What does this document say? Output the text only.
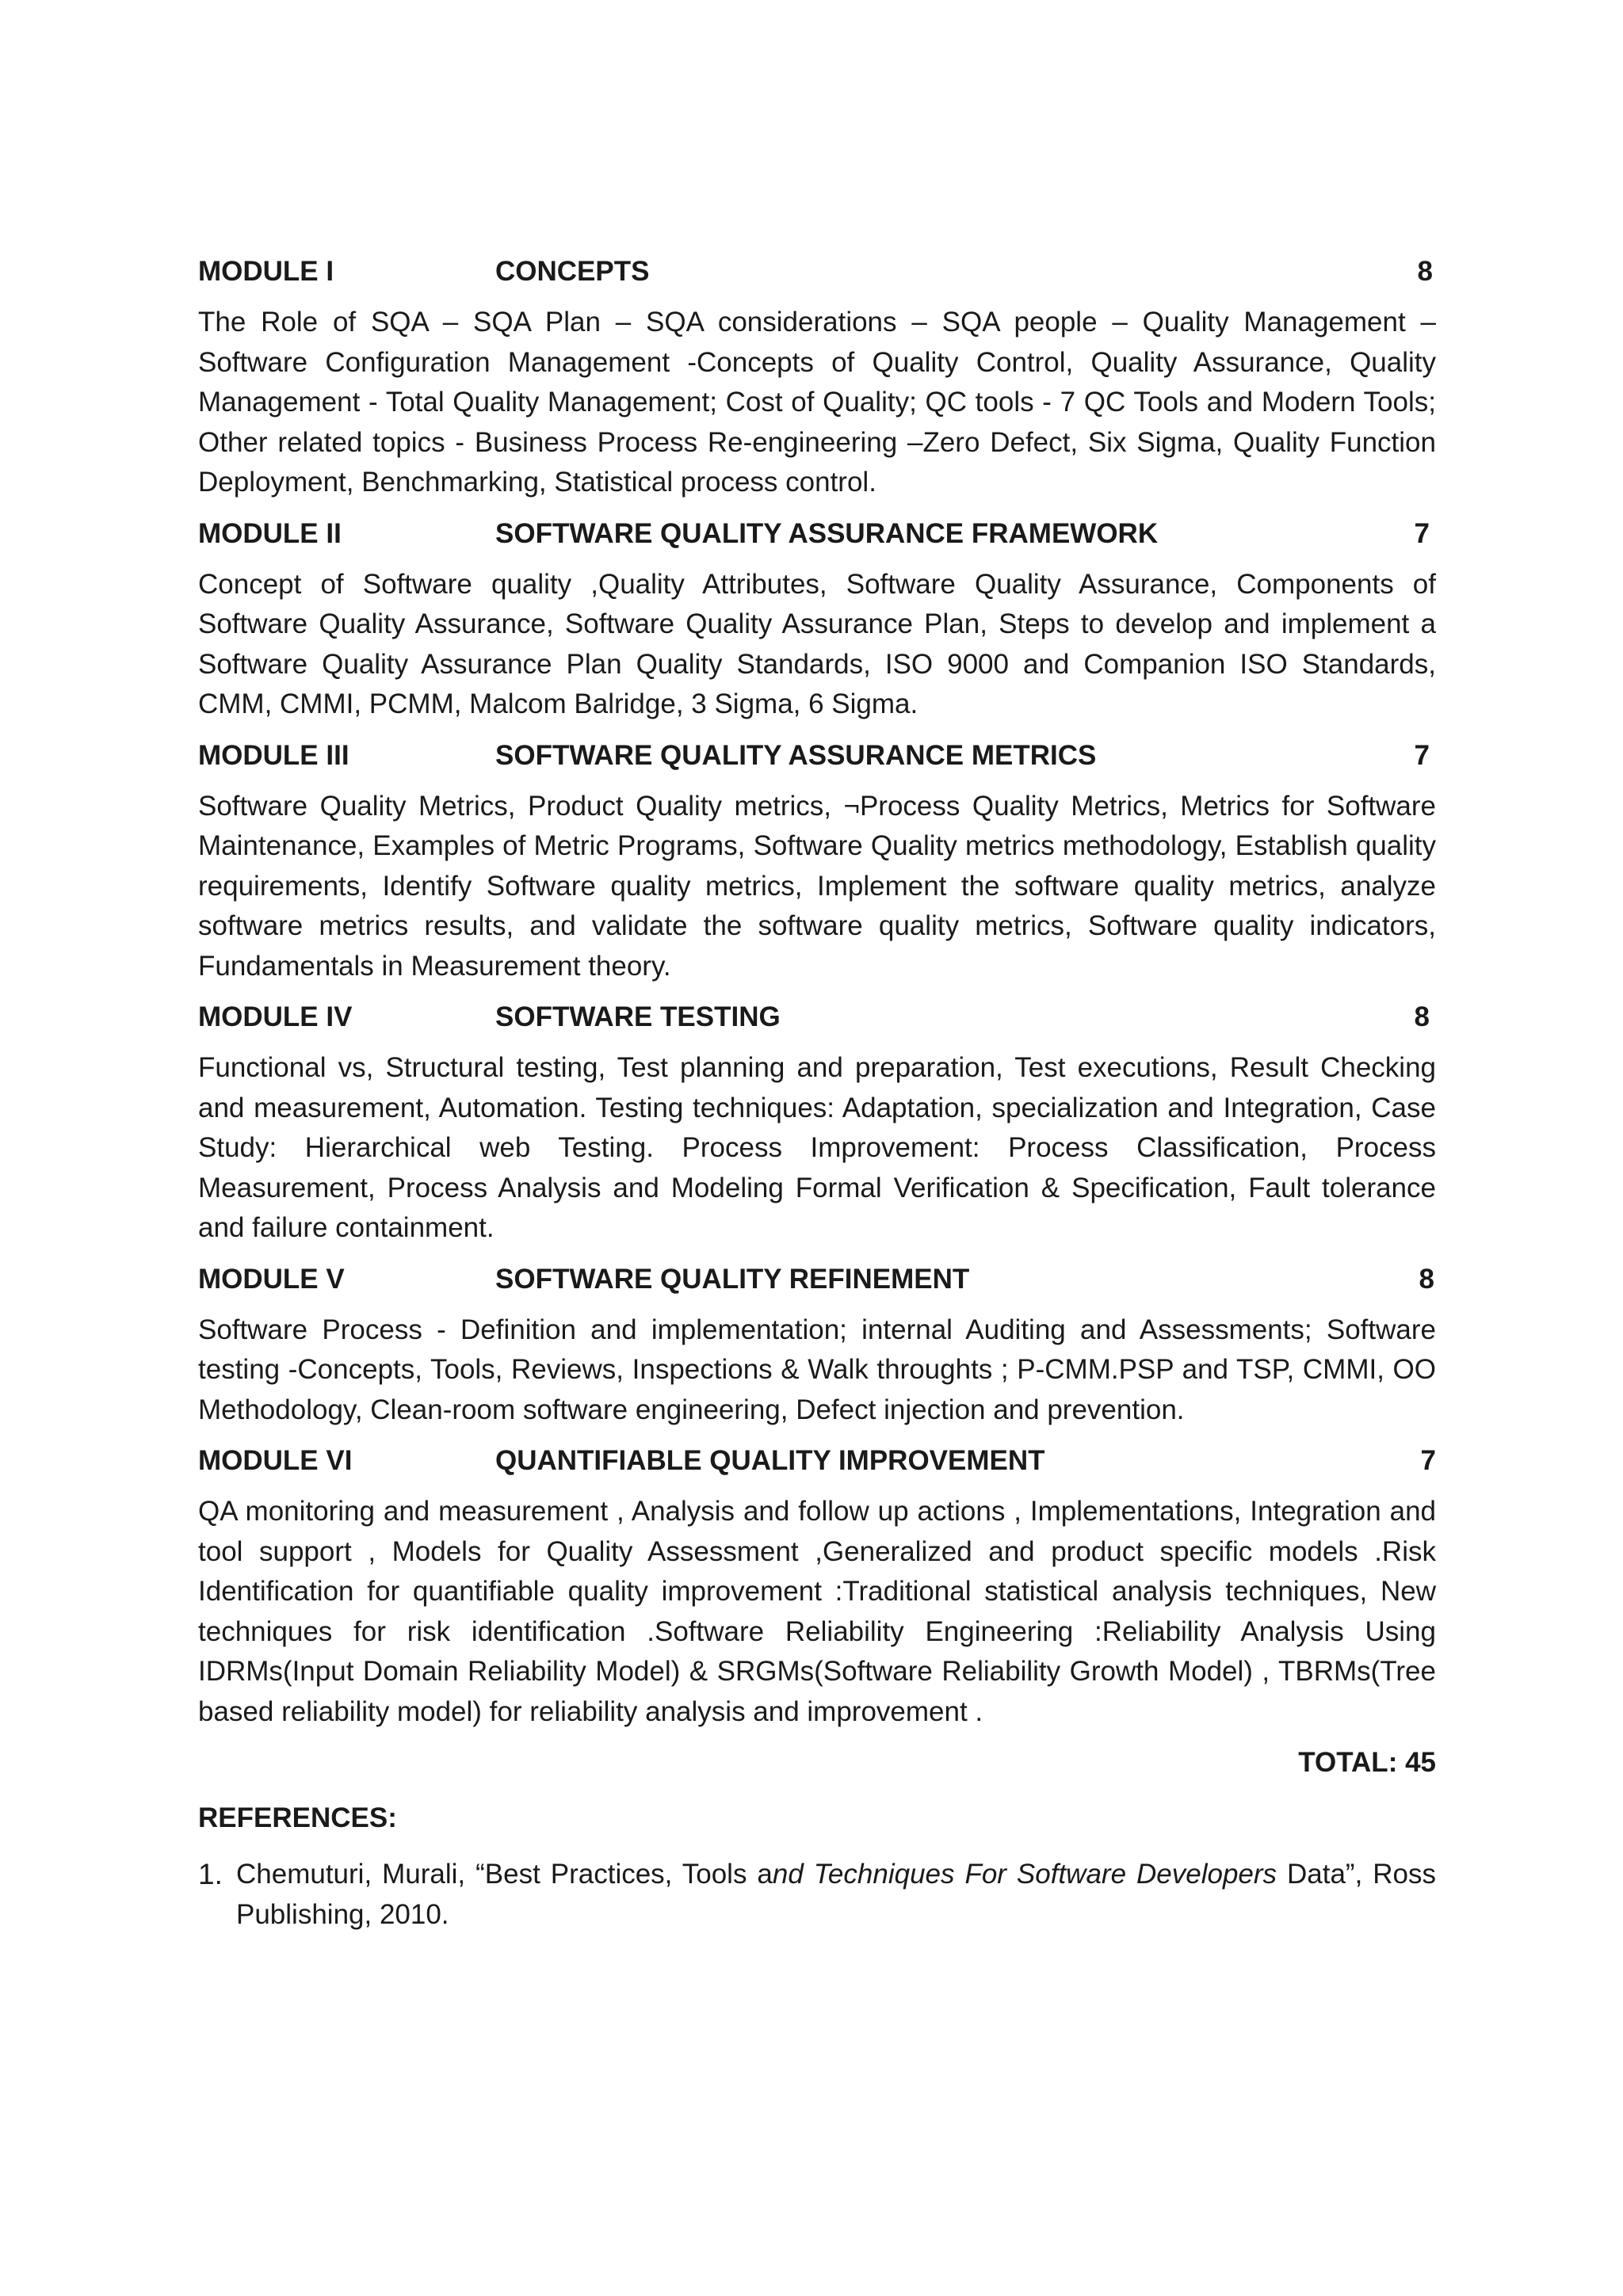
MODULE I	CONCEPTS	8

The Role of SQA – SQA Plan – SQA considerations – SQA people – Quality Management – Software Configuration Management -Concepts of Quality Control, Quality Assurance, Quality Management - Total Quality Management; Cost of Quality; QC tools - 7 QC Tools and Modern Tools; Other related topics - Business Process Re-engineering –Zero Defect, Six Sigma, Quality Function Deployment, Benchmarking, Statistical process control.

MODULE II	SOFTWARE QUALITY ASSURANCE FRAMEWORK	7

Concept of Software quality ,Quality Attributes, Software Quality Assurance, Components of Software Quality Assurance, Software Quality Assurance Plan, Steps to develop and implement a Software Quality Assurance Plan Quality Standards, ISO 9000 and Companion ISO Standards, CMM, CMMI, PCMM, Malcom Balridge, 3 Sigma, 6 Sigma.

MODULE III	SOFTWARE QUALITY ASSURANCE METRICS	7

Software Quality Metrics, Product Quality metrics, ¬Process Quality Metrics, Metrics for Software Maintenance, Examples of Metric Programs, Software Quality metrics methodology, Establish quality requirements, Identify Software quality metrics, Implement the software quality metrics, analyze software metrics results, and validate the software quality metrics, Software quality indicators, Fundamentals in Measurement theory.

MODULE IV	SOFTWARE TESTING	8

Functional vs, Structural testing, Test planning and preparation, Test executions, Result Checking and measurement, Automation. Testing techniques: Adaptation, specialization and Integration, Case Study: Hierarchical web Testing. Process Improvement: Process Classification, Process Measurement, Process Analysis and Modeling Formal Verification & Specification, Fault tolerance and failure containment.

MODULE V	SOFTWARE QUALITY REFINEMENT	8

Software Process - Definition and implementation; internal Auditing and Assessments; Software testing -Concepts, Tools, Reviews, Inspections & Walk throughts ; P-CMM.PSP and TSP, CMMI, OO Methodology, Clean-room software engineering, Defect injection and prevention.

MODULE VI	QUANTIFIABLE QUALITY IMPROVEMENT	7

QA monitoring and measurement , Analysis and follow up actions , Implementations, Integration and tool support , Models for Quality Assessment ,Generalized and product specific models .Risk Identification for quantifiable quality improvement :Traditional statistical analysis techniques, New techniques for risk identification .Software Reliability Engineering :Reliability Analysis Using IDRMs(Input Domain Reliability Model) & SRGMs(Software Reliability Growth Model) , TBRMs(Tree based reliability model) for reliability analysis and improvement .

TOTAL: 45
REFERENCES:
1. Chemuturi, Murali, “Best Practices, Tools and Techniques For Software Developers Data”, Ross Publishing, 2010.
